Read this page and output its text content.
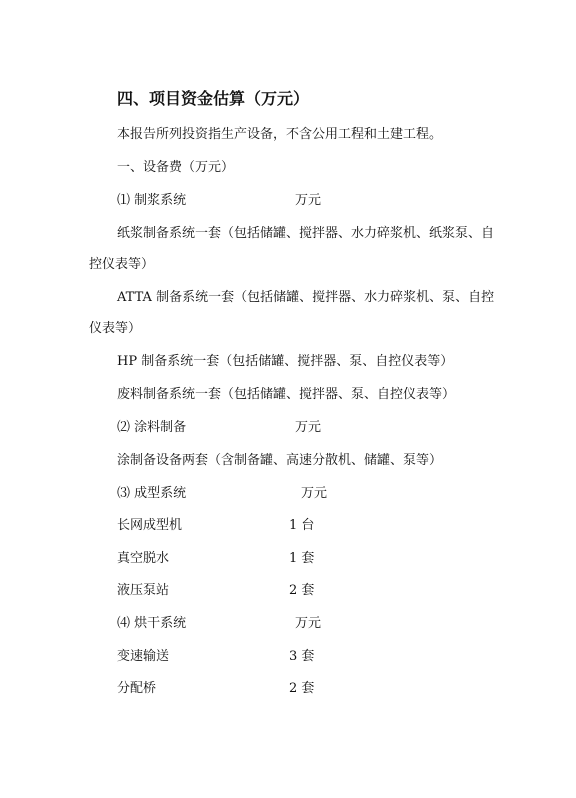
四、项目资金估算（万元）
本报告所列投资指生产设备，不含公用工程和土建工程。
一、设备费（万元）
⑴ 制浆系统	万元
纸浆制备系统一套（包括储罐、搅拌器、水力碎浆机、纸浆泵、自
控仪表等）
ATTA 制备系统一套（包括储罐、搅拌器、水力碎浆机、泵、自控
仪表等）
HP 制备系统一套（包括储罐、搅拌器、泵、自控仪表等）
废料制备系统一套（包括储罐、搅拌器、泵、自控仪表等）
⑵ 涂料制备	万元
涂制备设备两套（含制备罐、高速分散机、储罐、泵等）
⑶ 成型系统	万元
长网成型机	1 台
真空脱水	1 套
液压泵站	2 套
⑷ 烘干系统	万元
变速输送	3 套
分配桥	2 套
